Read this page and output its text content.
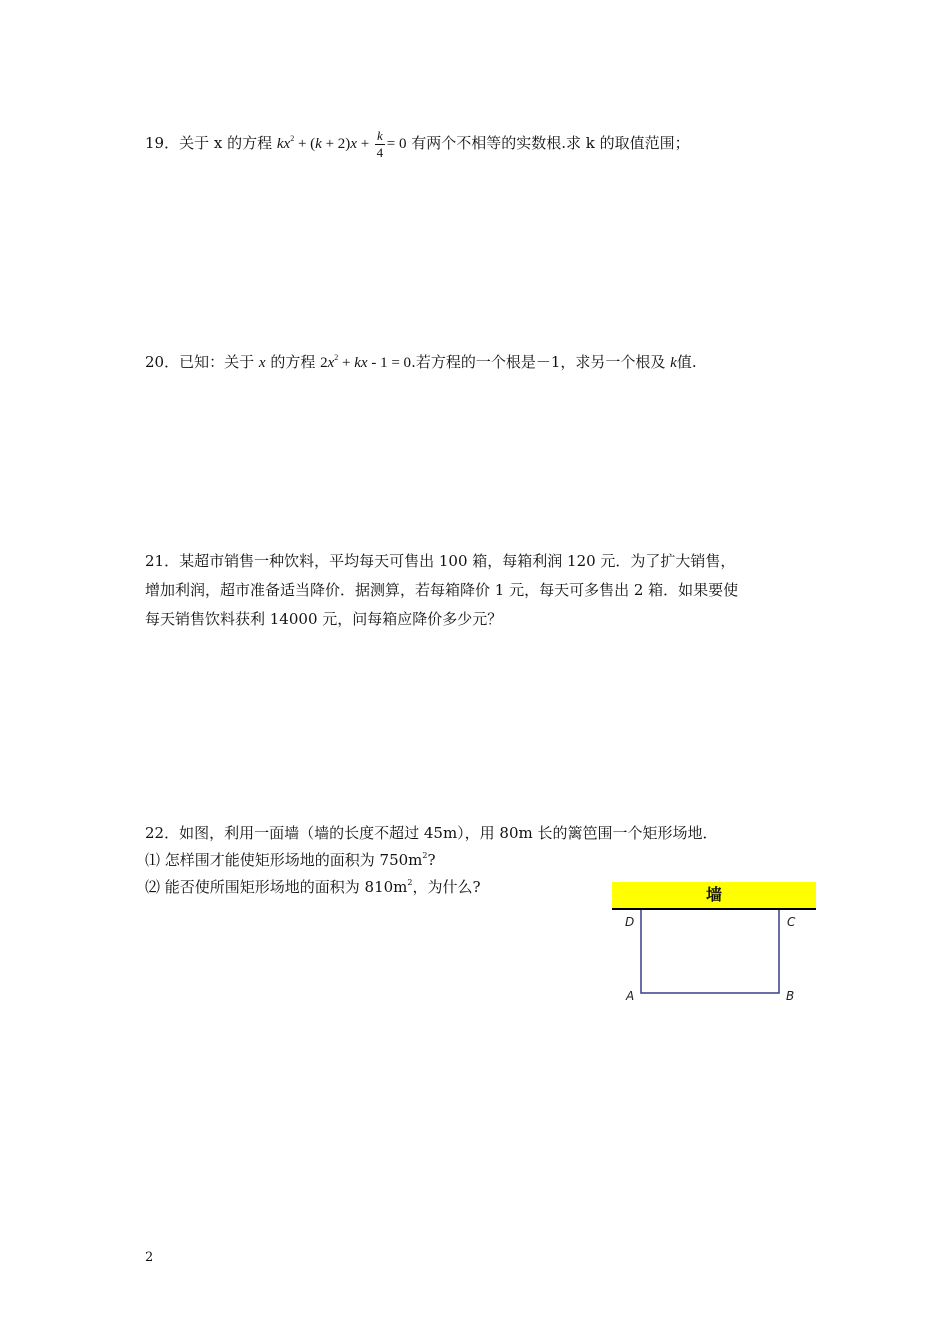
19．关于 x 的方程 $kx^2 + (k + 2)x + \frac{k}{4} = 0$ 有两个不相等的实数根.求 k 的取值范围；
20．已知：关于 x 的方程 $2x^2$ + kx - 1 = 0.若方程的一个根是－1，求另一个根及 k值.
21．某超市销售一种饮料，平均每天可售出 100 箱，每箱利润 120 元．为了扩大销售，
增加利润，超市准备适当降价．据测算，若每箱降价 1 元，每天可多售出 2 箱．如果要使
每天销售饮料获利 14000 元，问每箱应降价多少元？
22．如图，利用一面墙（墙的长度不超过 45m），用 80m 长的篱笆围一个矩形场地．
⑴ 怎样围才能使矩形场地的面积为 $750m^2$?
⑵ 能否使所围矩形场地的面积为 $810m^2$，为什么?	墙
D	C
A	B
2
